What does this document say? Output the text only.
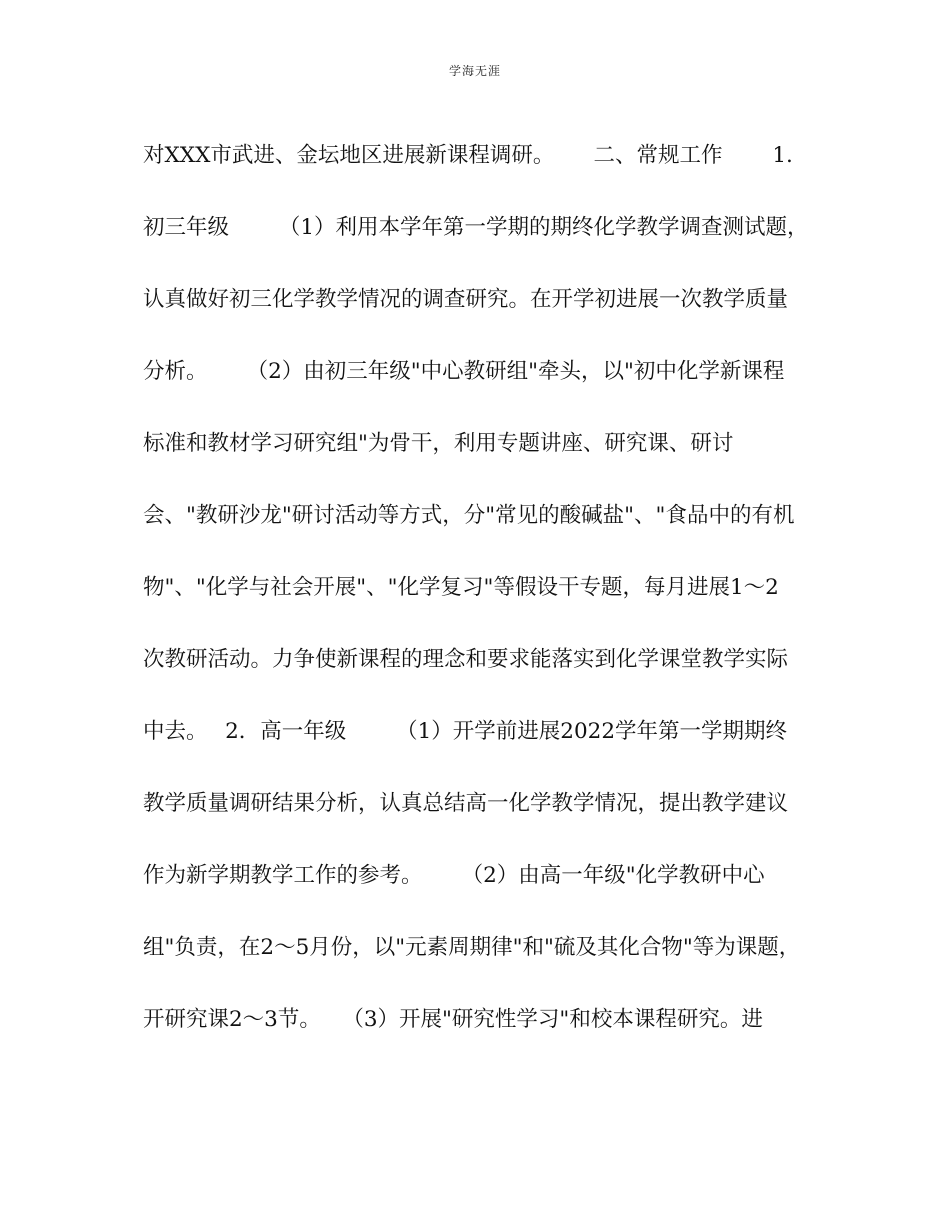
学海无涯
对XXX市武进、金坛地区进展新课程调研。　　 二、常规工作　　 1.
初三年级　　 （1）利用本学年第一学期的期终化学教学调查测试题，
认真做好初三化学教学情况的调查研究。在开学初进展一次教学质量
分析。　　 （2）由初三年级"中心教研组"牵头，以"初中化学新课程
标准和教材学习研究组"为骨干，利用专题讲座、研究课、研讨
会、"教研沙龙"研讨活动等方式，分"常见的酸碱盐"、"食品中的有机
物"、"化学与社会开展"、"化学复习"等假设干专题，每月进展1～2
次教研活动。力争使新课程的理念和要求能落实到化学课堂教学实际
中去。　 2．高一年级　　 （1）开学前进展2022学年第一学期期终
教学质量调研结果分析，认真总结高一化学教学情况，提出教学建议
作为新学期教学工作的参考。　　 （2）由高一年级"化学教研中心
组"负责，在2～5月份，以"元素周期律"和"硫及其化合物"等为课题，
开研究课2～3节。　　（3）开展"研究性学习"和校本课程研究。进
